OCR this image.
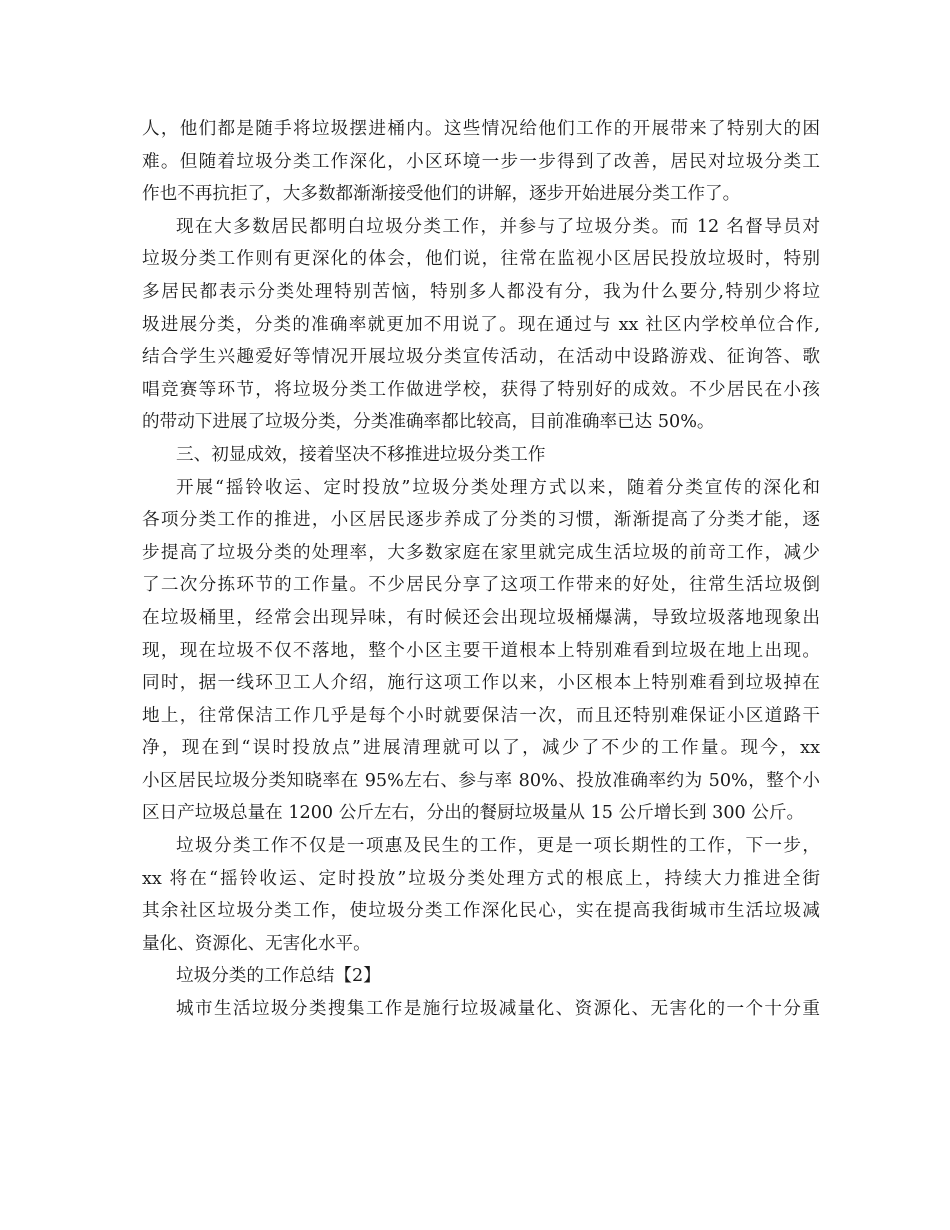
人，他们都是随手将垃圾摆进桶内。这些情况给他们工作的开展带来了特别大的困
难。但随着垃圾分类工作深化，小区环境一步一步得到了改善，居民对垃圾分类工
作也不再抗拒了，大多数都渐渐接受他们的讲解，逐步开始进展分类工作了。
现在大多数居民都明白垃圾分类工作，并参与了垃圾分类。而 12 名督导员对
垃圾分类工作则有更深化的体会，他们说，往常在监视小区居民投放垃圾时，特别
多居民都表示分类处理特别苦恼，特别多人都没有分，我为什么要分,特别少将垃
圾进展分类，分类的准确率就更加不用说了。现在通过与 xx 社区内学校单位合作,
结合学生兴趣爱好等情况开展垃圾分类宣传活动，在活动中设路游戏、征询答、歌
唱竞赛等环节，将垃圾分类工作做进学校，获得了特别好的成效。不少居民在小孩
的带动下进展了垃圾分类，分类准确率都比较高，目前准确率已达 50%。
三、初显成效，接着坚决不移推进垃圾分类工作
开展“摇铃收运、定时投放”垃圾分类处理方式以来，随着分类宣传的深化和
各项分类工作的推进，小区居民逐步养成了分类的习惯，渐渐提高了分类才能，逐
步提高了垃圾分类的处理率，大多数家庭在家里就完成生活垃圾的前竒工作，减少
了二次分拣环节的工作量。不少居民分享了这项工作带来的好处，往常生活垃圾倒
在垃圾桶里，经常会出现异味，有时候还会出现垃圾桶爆满，导致垃圾落地现象出
现，现在垃圾不仅不落地，整个小区主要干道根本上特别难看到垃圾在地上出现。
同时，据一线环卫工人介绍，施行这项工作以来，小区根本上特别难看到垃圾掉在
地上，往常保洁工作几乎是每个小时就要保洁一次，而且还特别难保证小区道路干
净，现在到“误时投放点”进展清理就可以了，减少了不少的工作量。现今，xx
小区居民垃圾分类知晓率在 95%左右、参与率 80%、投放准确率约为 50%，整个小
区日产垃圾总量在 1200 公斤左右，分出的餐厨垃圾量从 15 公斤增长到 300 公斤。
垃圾分类工作不仅是一项惠及民生的工作，更是一项长期性的工作，下一步，
xx 将在“摇铃收运、定时投放”垃圾分类处理方式的根底上，持续大力推进全街
其余社区垃圾分类工作，使垃圾分类工作深化民心，实在提高我街城市生活垃圾减
量化、资源化、无害化水平。
垃圾分类的工作总结【2】
城市生活垃圾分类搜集工作是施行垃圾减量化、资源化、无害化的一个十分重
